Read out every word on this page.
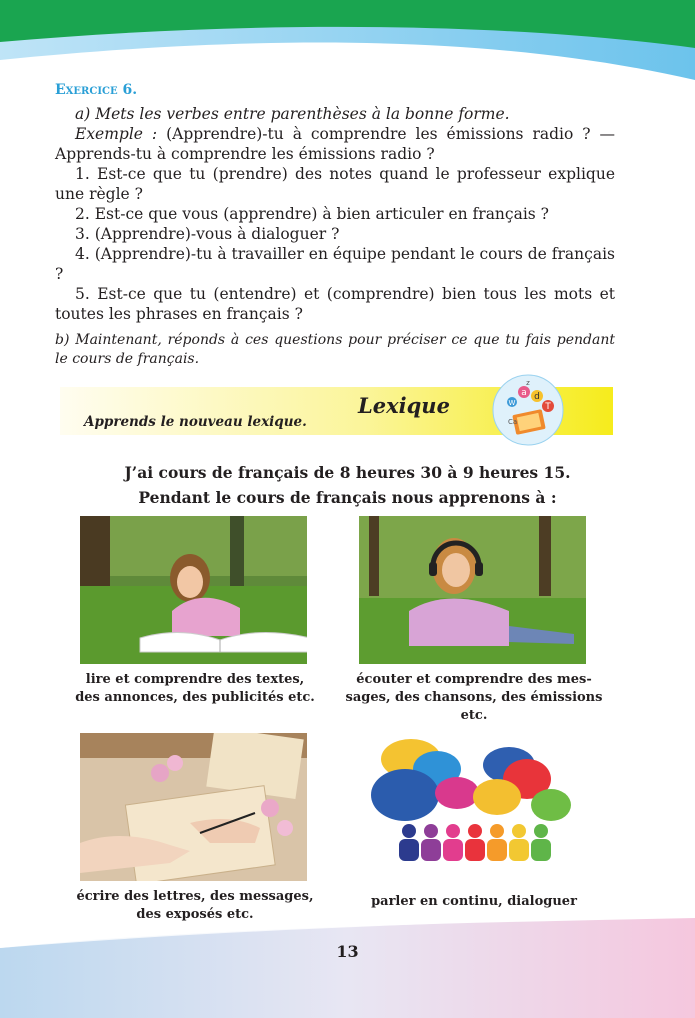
Exercice 6.

a) Mets les verbes entre parenthèses à la bonne forme.

Exemple : (Apprendre)-tu à comprendre les émissions radio ? — Apprends-tu à comprendre les émissions radio ?

1. Est-ce que tu (prendre) des notes quand le professeur explique une règle ?

2. Est-ce que vous (apprendre) à bien articuler en français ?

3. (Apprendre)-vous à dialoguer ?

4. (Apprendre)-tu à travailler en équipe pendant le cours de français ?

5. Est-ce que tu (entendre) et (comprendre) bien tous les mots et toutes les phrases en français ?

b) Maintenant, réponds à ces questions pour préciser ce que tu fais pendant le cours de français.

Lexique
Apprends le nouveau lexique.
a d
T
W
z
Ca
J’ai cours de français de 8 heures 30 à 9 heures 15.
Pendant le cours de français nous apprenons à :
lire et comprendre des textes,
des annonces, des publicités etc.
écouter et comprendre des mes-
sages, des chansons, des émissions
etc.
écrire des lettres, des messages,
des exposés etc.
parler en continu, dialoguer
13
